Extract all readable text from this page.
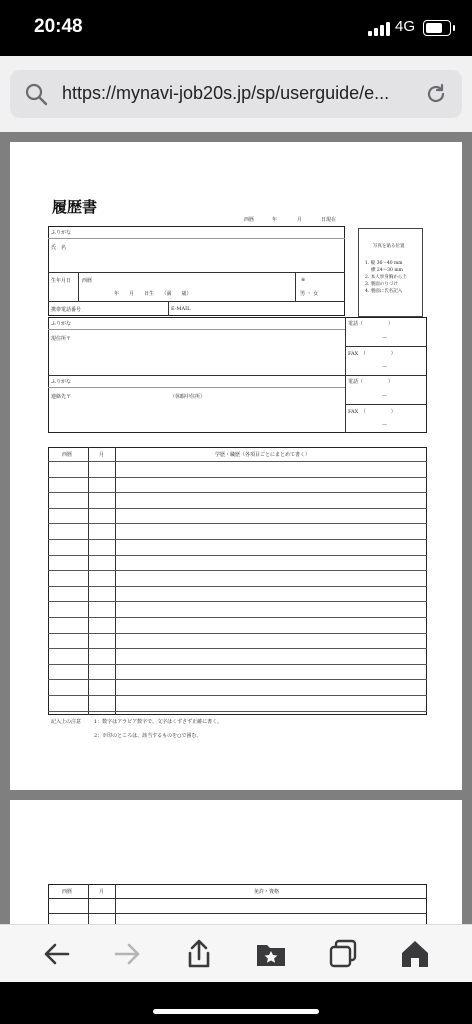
20:48	4G
https://mynavi-job20s.jp/sp/userguide/e...
履歴書
西暦	年	月	日現在
ふりがな
氏　名
生年月日 西暦
年　　月　　日生　　（満　　歳）
※
男 ・ 女
携帯電話番号	E-MAIL
写真を貼る位置
1. 縦 36〜40 mm
横 24〜30 mm
2. 本人単身胸から上
3. 裏面のりづけ
4. 裏面に氏名記入
ふりがな
現住所〒
電話（　　　　　）
—
FAX　（　　　　　）
—
ふりがな
連絡先〒	（休暇中住所）
電話（　　　　　）
—
FAX　（　　　　　）
—
西暦	月	学歴・職歴（各項目ごとにまとめて書く）
記入上の注意	1：数字はアラビア数字で、文字はくずさず正確に書く。
2：※印のところは、該当するものを○で囲む。
西暦	月	免許・資格
